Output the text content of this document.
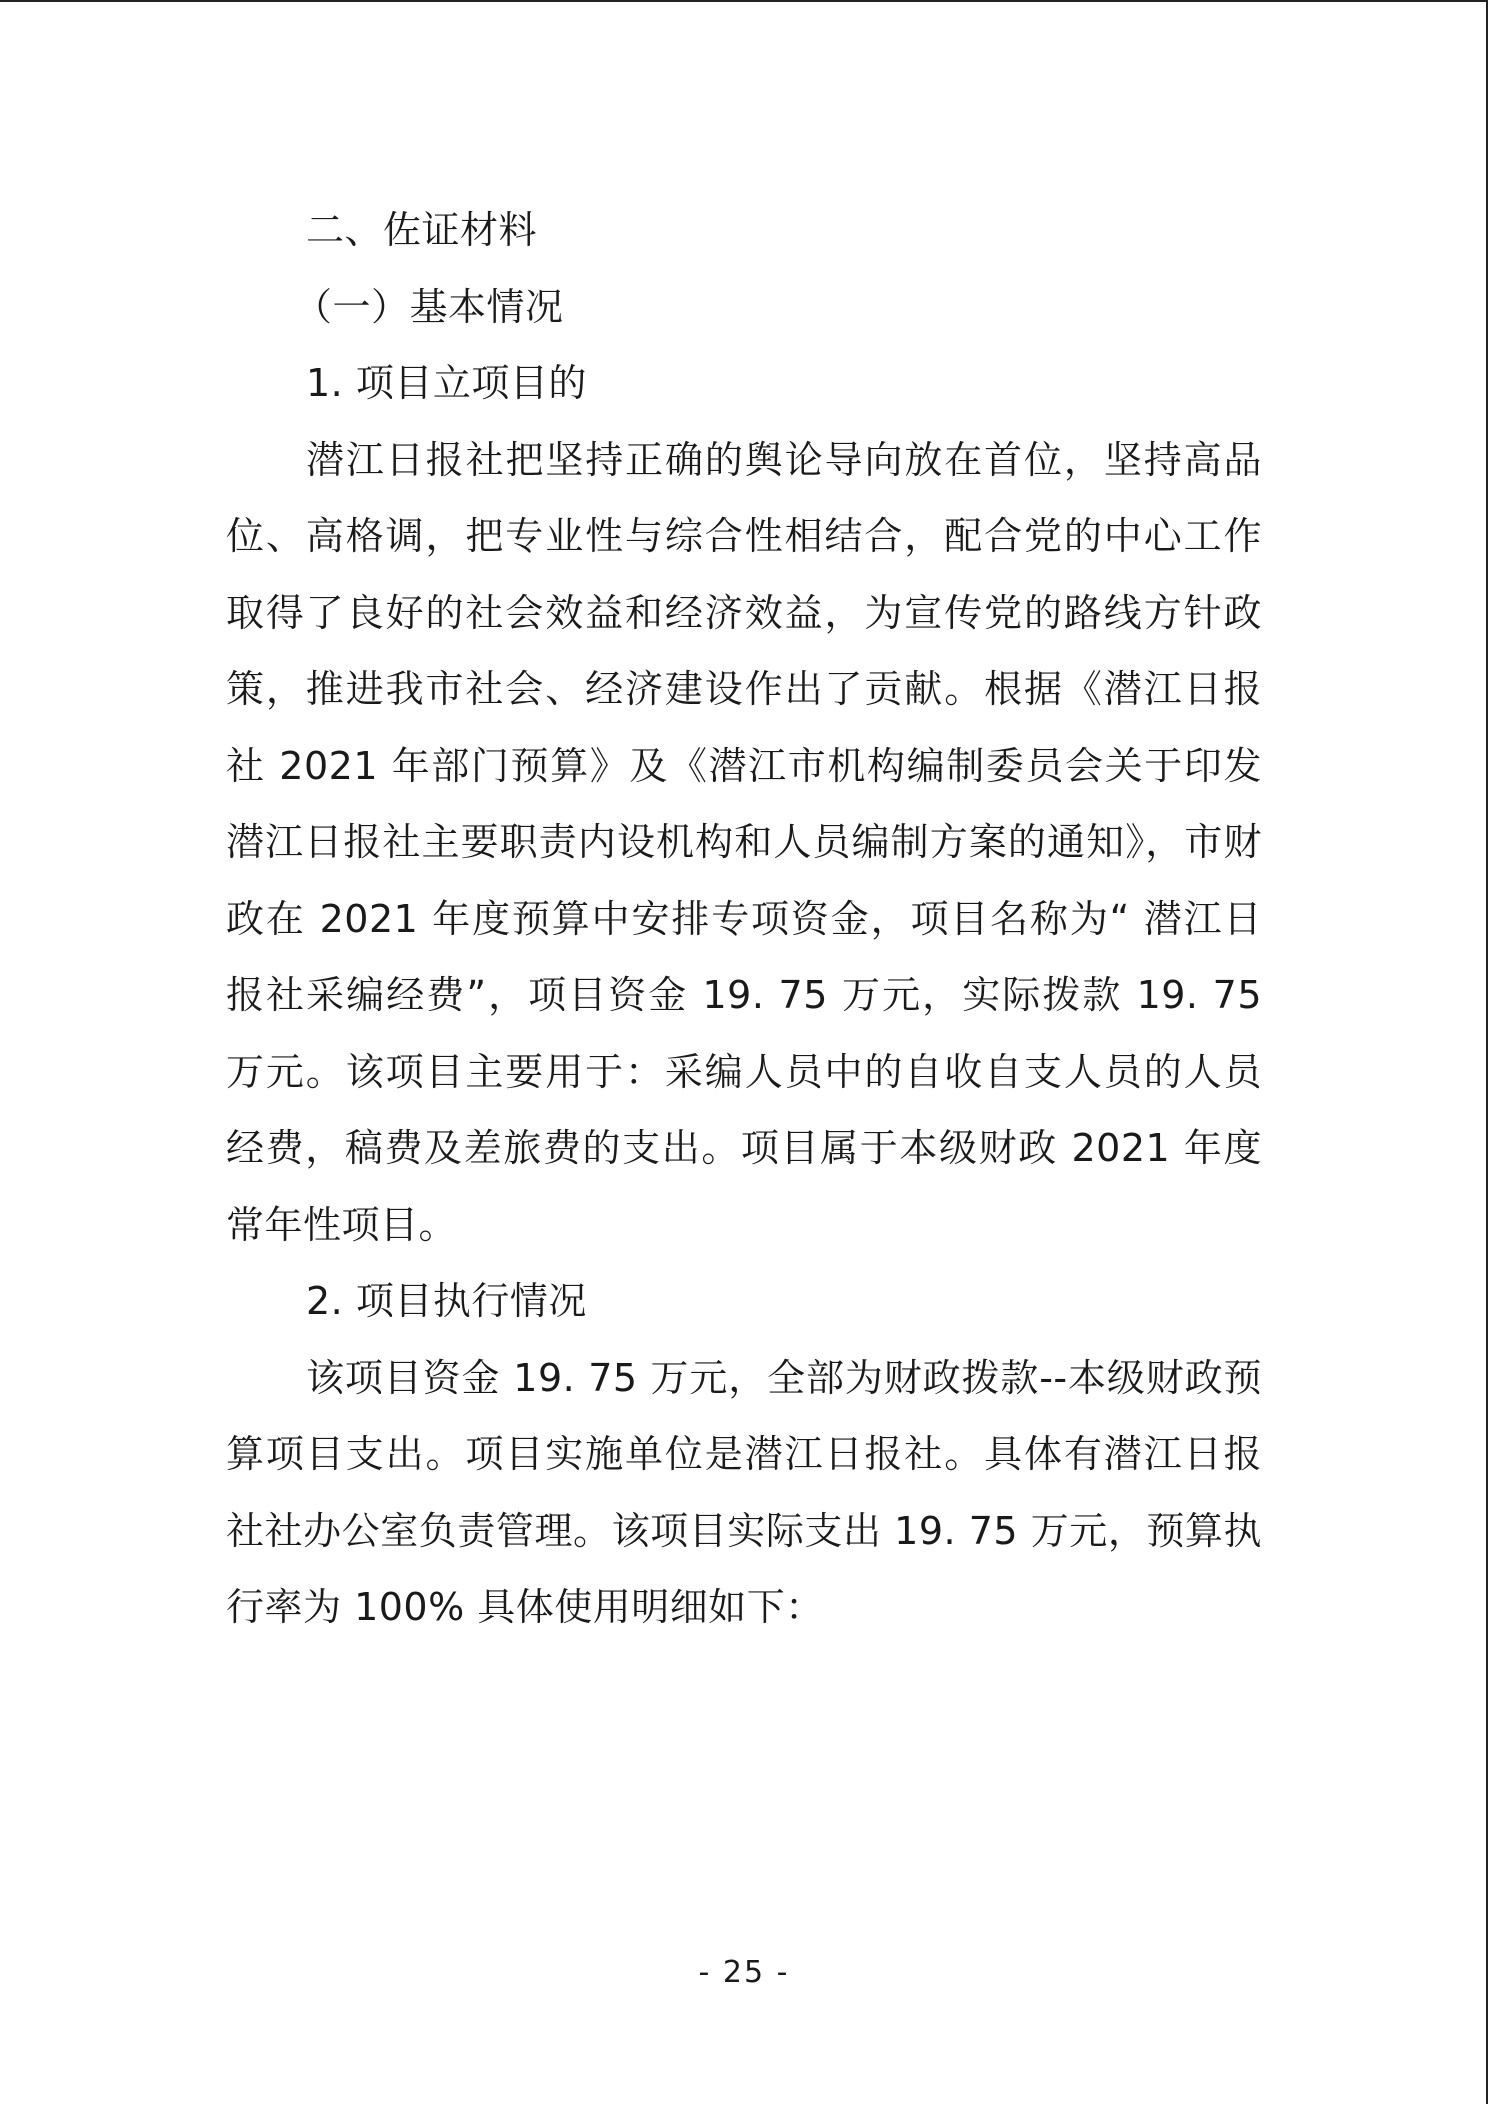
二、佐证材料
（一）基本情况
1. 项目立项目的
潜江日报社把坚持正确的舆论导向放在首位，坚持高品位、高格调，把专业性与综合性相结合，配合党的中心工作取得了良好的社会效益和经济效益，为宣传党的路线方针政策，推进我市社会、经济建设作出了贡献。根据《潜江日报社 2021 年部门预算》及《潜江市机构编制委员会关于印发潜江日报社主要职责内设机构和人员编制方案的通知》，市财政在 2021 年度预算中安排专项资金，项目名称为“ 潜江日报社采编经费”，项目资金 19. 75 万元，实际拨款 19. 75 万元。该项目主要用于：采编人员中的自收自支人员的人员经费，稿费及差旅费的支出。项目属于本级财政 2021 年度常年性项目。
2. 项目执行情况
该项目资金 19. 75 万元，全部为财政拨款--本级财政预算项目支出。项目实施单位是潜江日报社。具体有潜江日报社社办公室负责管理。该项目实际支出 19. 75 万元，预算执行率为 100% 具体使用明细如下：
- 25 -
